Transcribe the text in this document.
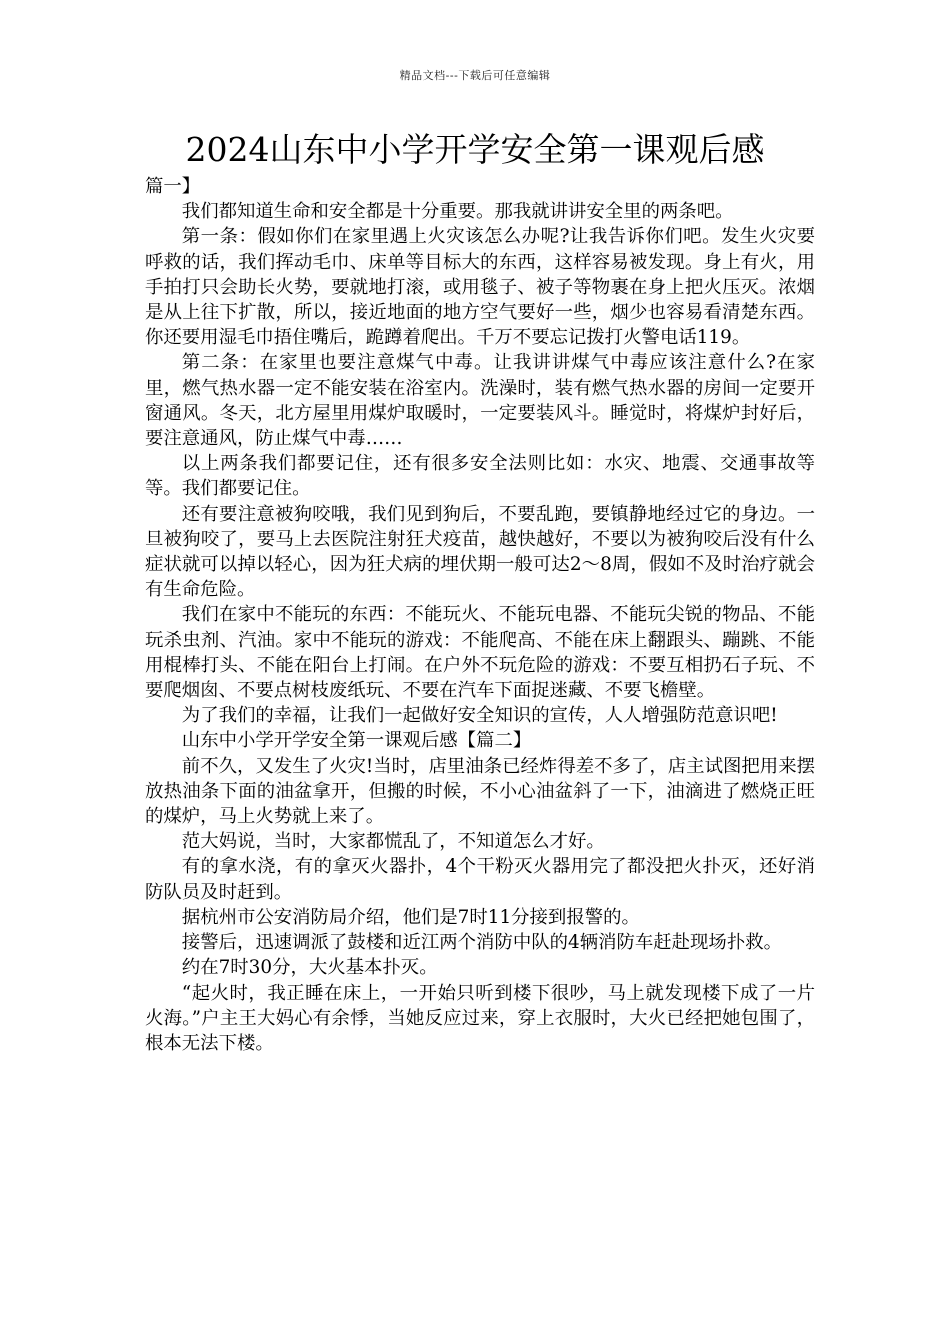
精品文档---下载后可任意编辑
2024山东中小学开学安全第一课观后感

篇一】

我们都知道生命和安全都是十分重要。那我就讲讲安全里的两条吧。

第一条：假如你们在家里遇上火灾该怎么办呢?让我告诉你们吧。发生火灾要呼救的话，我们挥动毛巾、床单等目标大的东西，这样容易被发现。身上有火，用手拍打只会助长火势，要就地打滚，或用毯子、被子等物裹在身上把火压灭。浓烟是从上往下扩散，所以，接近地面的地方空气要好一些，烟少也容易看清楚东西。你还要用湿毛巾捂住嘴后，跪蹲着爬出。千万不要忘记拨打火警电话119。

第二条：在家里也要注意煤气中毒。让我讲讲煤气中毒应该注意什么?在家里，燃气热水器一定不能安装在浴室内。洗澡时，装有燃气热水器的房间一定要开窗通风。冬天，北方屋里用煤炉取暖时，一定要装风斗。睡觉时，将煤炉封好后，要注意通风，防止煤气中毒……

以上两条我们都要记住，还有很多安全法则比如：水灾、地震、交通事故等等。我们都要记住。

还有要注意被狗咬哦，我们见到狗后，不要乱跑，要镇静地经过它的身边。一旦被狗咬了，要马上去医院注射狂犬疫苗，越快越好，不要以为被狗咬后没有什么症状就可以掉以轻心，因为狂犬病的埋伏期一般可达2～8周，假如不及时治疗就会有生命危险。

我们在家中不能玩的东西：不能玩火、不能玩电器、不能玩尖锐的物品、不能玩杀虫剂、汽油。家中不能玩的游戏：不能爬高、不能在床上翻跟头、蹦跳、不能用棍棒打头、不能在阳台上打闹。在户外不玩危险的游戏：不要互相扔石子玩、不要爬烟囱、不要点树枝废纸玩、不要在汽车下面捉迷藏、不要飞檐壁。

为了我们的幸福，让我们一起做好安全知识的宣传，人人增强防范意识吧!

山东中小学开学安全第一课观后感【篇二】

前不久，又发生了火灾!当时，店里油条已经炸得差不多了，店主试图把用来摆放热油条下面的油盆拿开，但搬的时候，不小心油盆斜了一下，油滴进了燃烧正旺的煤炉，马上火势就上来了。

范大妈说，当时，大家都慌乱了，不知道怎么才好。

有的拿水浇，有的拿灭火器扑，4个干粉灭火器用完了都没把火扑灭，还好消防队员及时赶到。

据杭州市公安消防局介绍，他们是7时11分接到报警的。

接警后，迅速调派了鼓楼和近江两个消防中队的4辆消防车赶赴现场扑救。

约在7时30分，大火基本扑灭。

“起火时，我正睡在床上，一开始只听到楼下很吵，马上就发现楼下成了一片火海。”户主王大妈心有余悸，当她反应过来，穿上衣服时，大火已经把她包围了，根本无法下楼。
